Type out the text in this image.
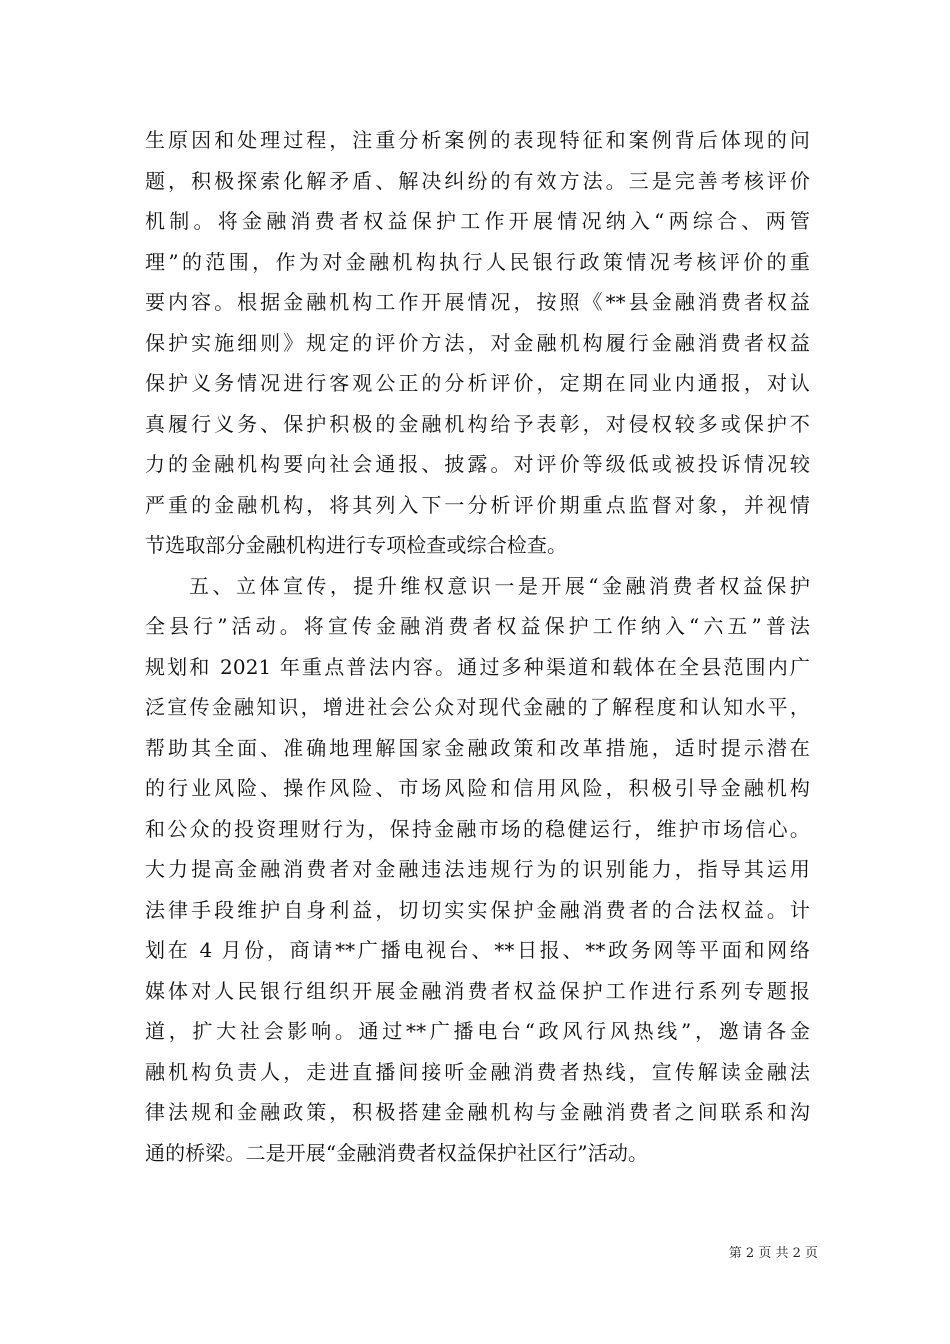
生原因和处理过程，注重分析案例的表现特征和案例背后体现的问
题，积极探索化解矛盾、解决纠纷的有效方法。三是完善考核评价
机制。将金融消费者权益保护工作开展情况纳入“两综合、两管
理”的范围，作为对金融机构执行人民银行政策情况考核评价的重
要内容。根据金融机构工作开展情况，按照《**县金融消费者权益
保护实施细则》规定的评价方法，对金融机构履行金融消费者权益
保护义务情况进行客观公正的分析评价，定期在同业内通报，对认
真履行义务、保护积极的金融机构给予表彰，对侵权较多或保护不
力的金融机构要向社会通报、披露。对评价等级低或被投诉情况较
严重的金融机构，将其列入下一分析评价期重点监督对象，并视情
节选取部分金融机构进行专项检查或综合检查。
五、立体宣传，提升维权意识一是开展“金融消费者权益保护
全县行”活动。将宣传金融消费者权益保护工作纳入“六五”普法
规划和 2021 年重点普法内容。通过多种渠道和载体在全县范围内广
泛宣传金融知识，增进社会公众对现代金融的了解程度和认知水平，
帮助其全面、准确地理解国家金融政策和改革措施，适时提示潜在
的行业风险、操作风险、市场风险和信用风险，积极引导金融机构
和公众的投资理财行为，保持金融市场的稳健运行，维护市场信心。
大力提高金融消费者对金融违法违规行为的识别能力，指导其运用
法律手段维护自身利益，切切实实保护金融消费者的合法权益。计
划在 4 月份，商请**广播电视台、**日报、**政务网等平面和网络
媒体对人民银行组织开展金融消费者权益保护工作进行系列专题报
道，扩大社会影响。通过**广播电台“政风行风热线”，邀请各金
融机构负责人，走进直播间接听金融消费者热线，宣传解读金融法
律法规和金融政策，积极搭建金融机构与金融消费者之间联系和沟
通的桥梁。二是开展“金融消费者权益保护社区行”活动。
第 2 页 共 2 页
